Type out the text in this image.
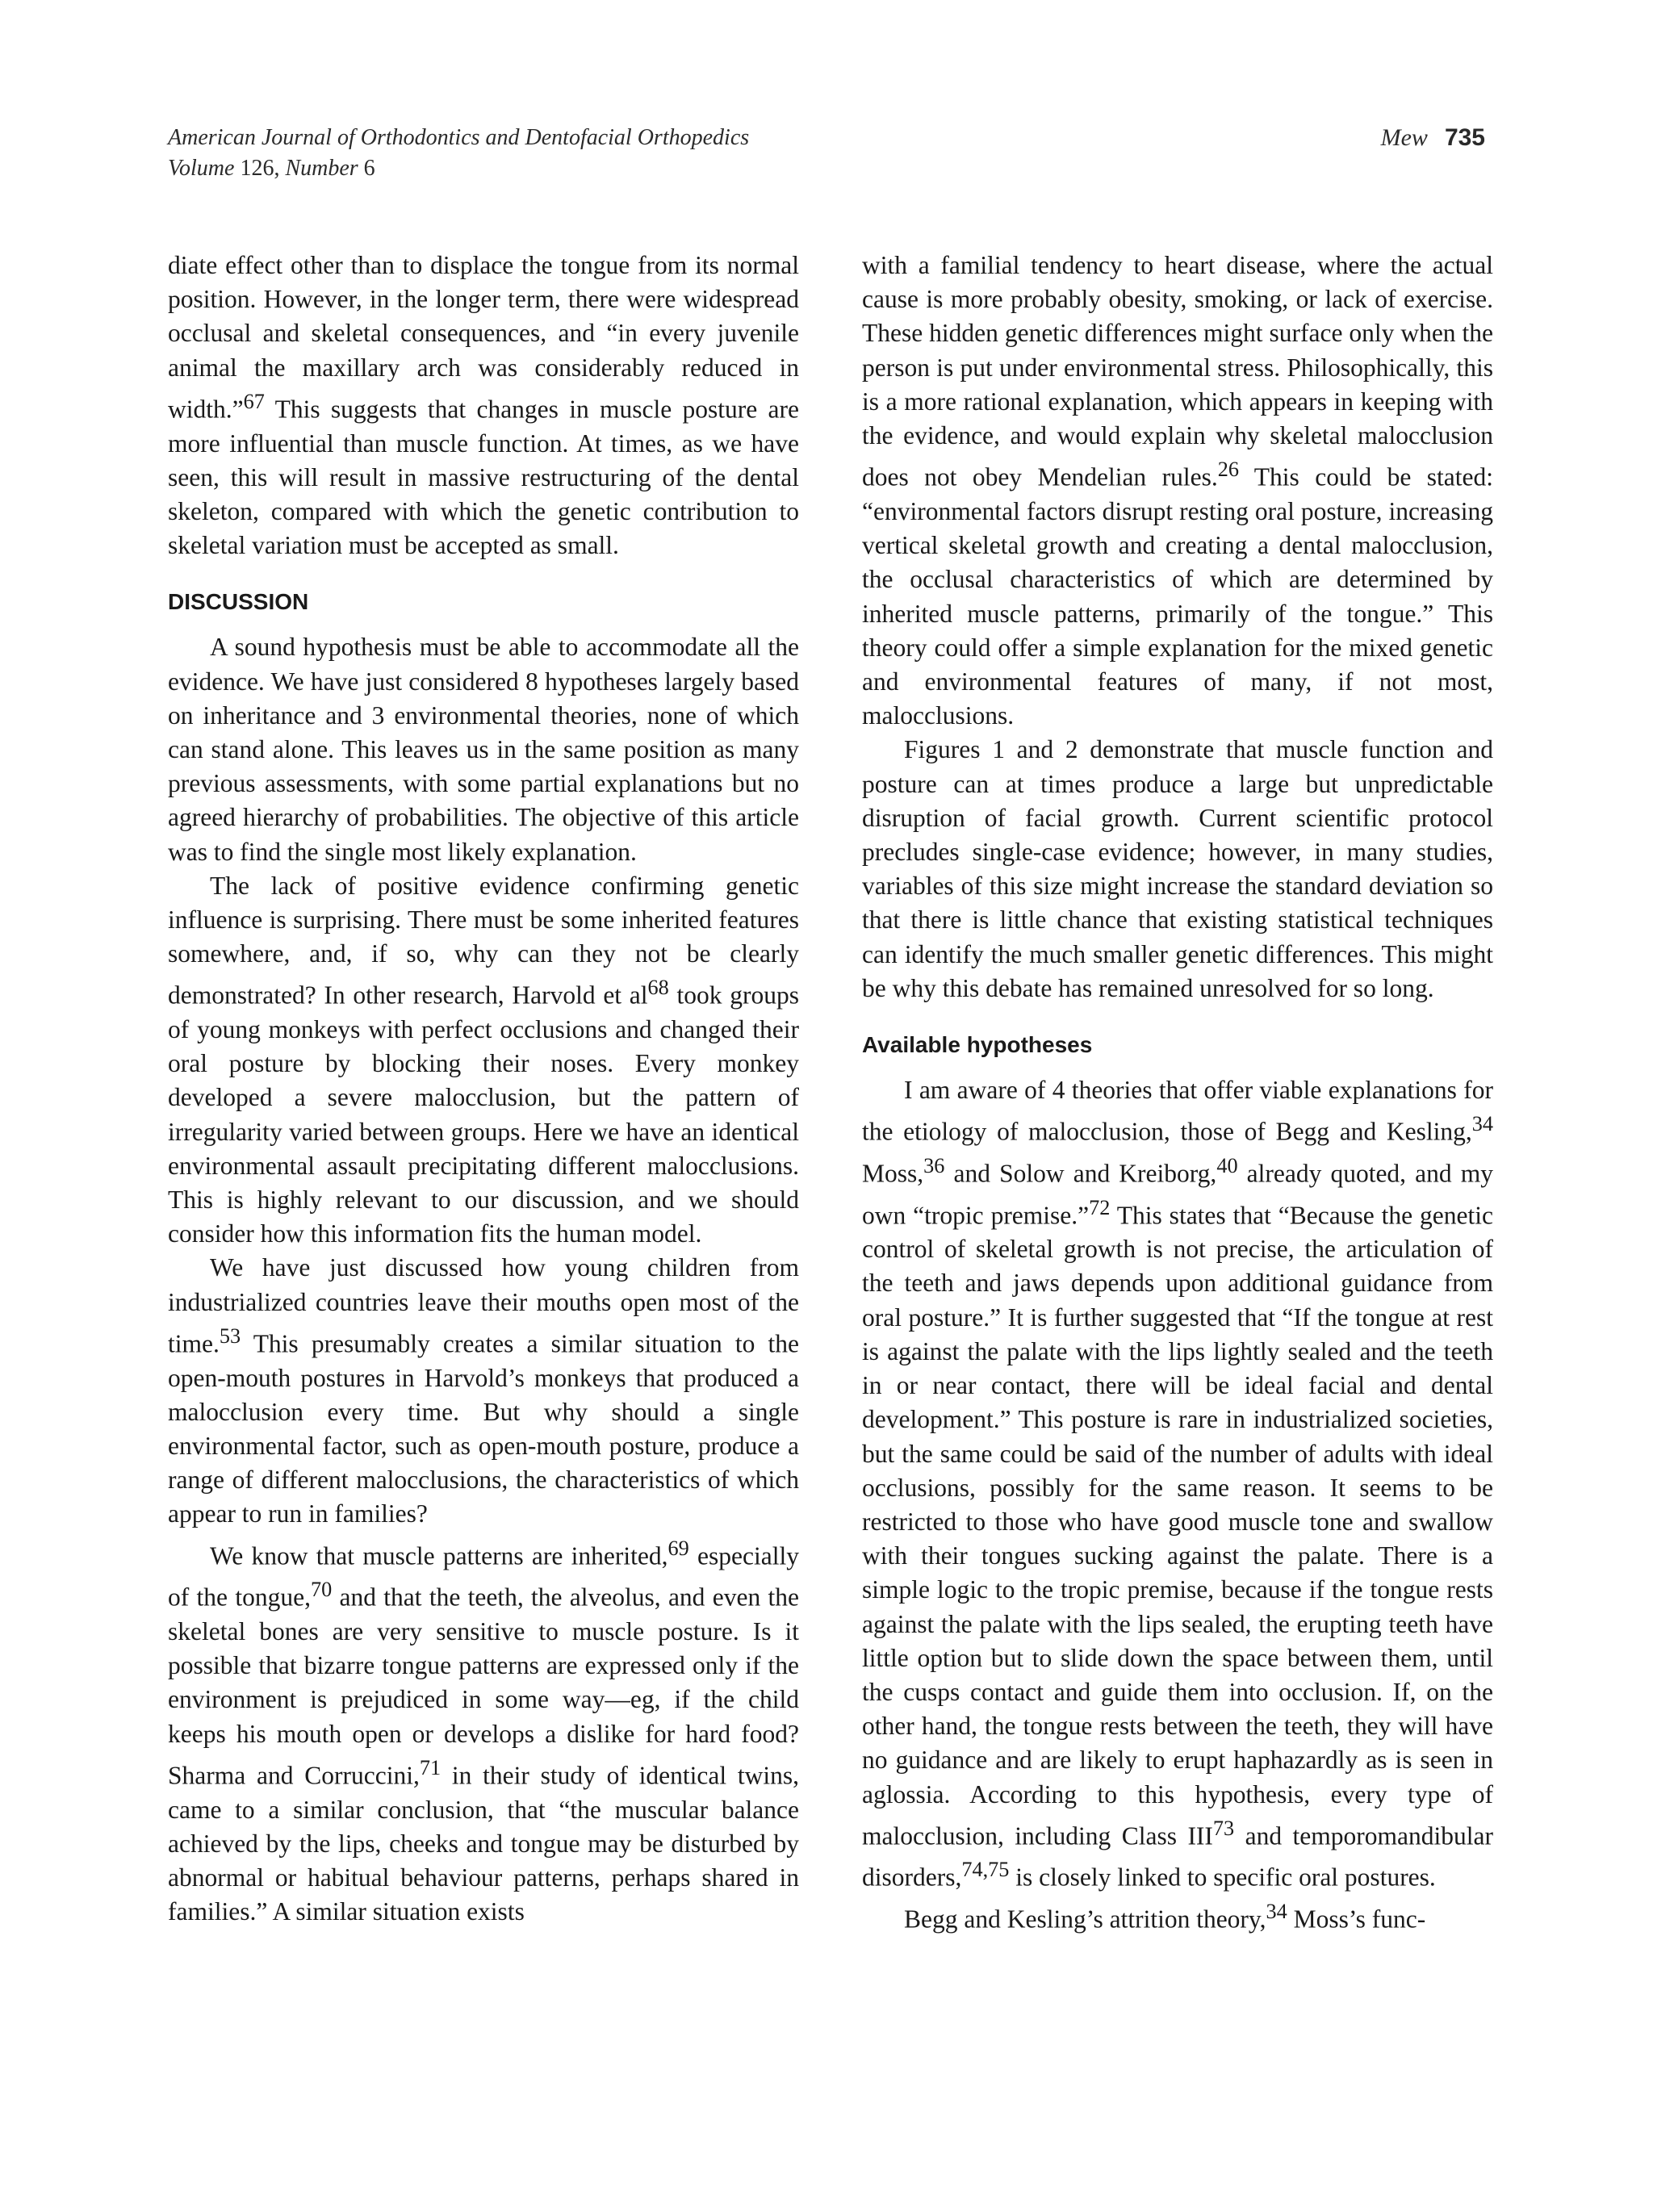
American Journal of Orthodontics and Dentofacial Orthopedics
Volume 126, Number 6
Mew 735

diate effect other than to displace the tongue from its normal position. However, in the longer term, there were widespread occlusal and skeletal consequences, and “in every juvenile animal the maxillary arch was considerably reduced in width.”$^{67}$ This suggests that changes in muscle posture are more influential than muscle function. At times, as we have seen, this will result in massive restructuring of the dental skeleton, compared with which the genetic contribution to skeletal variation must be accepted as small.

DISCUSSION

A sound hypothesis must be able to accommodate all the evidence. We have just considered 8 hypotheses largely based on inheritance and 3 environmental theories, none of which can stand alone. This leaves us in the same position as many previous assessments, with some partial explanations but no agreed hierarchy of probabilities. The objective of this article was to find the single most likely explanation.

The lack of positive evidence confirming genetic influence is surprising. There must be some inherited features somewhere, and, if so, why can they not be clearly demonstrated? In other research, Harvold et $al^{68}$ took groups of young monkeys with perfect occlusions and changed their oral posture by blocking their noses. Every monkey developed a severe malocclusion, but the pattern of irregularity varied between groups. Here we have an identical environmental assault precipitating different malocclusions. This is highly relevant to our discussion, and we should consider how this information fits the human model.

We have just discussed how young children from industrialized countries leave their mouths open most of the time.$^{53}$ This presumably creates a similar situation to the open-mouth postures in Harvold’s monkeys that produced a malocclusion every time. But why should a single environmental factor, such as open-mouth posture, produce a range of different malocclusions, the characteristics of which appear to run in families?

We know that muscle patterns are inherited,$^{69}$ especially of the tongue,$^{70}$ and that the teeth, the alveolus, and even the skeletal bones are very sensitive to muscle posture. Is it possible that bizarre tongue patterns are expressed only if the environment is prejudiced in some way—eg, if the child keeps his mouth open or develops a dislike for hard food? Sharma and Corruccini,$^{71}$ in their study of identical twins, came to a similar conclusion, that “the muscular balance achieved by the lips, cheeks and tongue may be disturbed by abnormal or habitual behaviour patterns, perhaps shared in families.” A similar situation exists

with a familial tendency to heart disease, where the actual cause is more probably obesity, smoking, or lack of exercise. These hidden genetic differences might surface only when the person is put under environmental stress. Philosophically, this is a more rational explanation, which appears in keeping with the evidence, and would explain why skeletal malocclusion does not obey Mendelian rules.$^{26}$ This could be stated: “environmental factors disrupt resting oral posture, increasing vertical skeletal growth and creating a dental malocclusion, the occlusal characteristics of which are determined by inherited muscle patterns, primarily of the tongue.” This theory could offer a simple explanation for the mixed genetic and environmental features of many, if not most, malocclusions.

Figures 1 and 2 demonstrate that muscle function and posture can at times produce a large but unpredictable disruption of facial growth. Current scientific protocol precludes single-case evidence; however, in many studies, variables of this size might increase the standard deviation so that there is little chance that existing statistical techniques can identify the much smaller genetic differences. This might be why this debate has remained unresolved for so long.

Available hypotheses

I am aware of 4 theories that offer viable explanations for the etiology of malocclusion, those of Begg and Kesling,$^{34}$ Moss,$^{36}$ and Solow and Kreiborg,$^{40}$ already quoted, and my own “tropic premise.”$^{72}$ This states that “Because the genetic control of skeletal growth is not precise, the articulation of the teeth and jaws depends upon additional guidance from oral posture.” It is further suggested that “If the tongue at rest is against the palate with the lips lightly sealed and the teeth in or near contact, there will be ideal facial and dental development.” This posture is rare in industrialized societies, but the same could be said of the number of adults with ideal occlusions, possibly for the same reason. It seems to be restricted to those who have good muscle tone and swallow with their tongues sucking against the palate. There is a simple logic to the tropic premise, because if the tongue rests against the palate with the lips sealed, the erupting teeth have little option but to slide down the space between them, until the cusps contact and guide them into occlusion. If, on the other hand, the tongue rests between the teeth, they will have no guidance and are likely to erupt haphazardly as is seen in aglossia. According to this hypothesis, every type of malocclusion, including Class III$^{73}$ and temporomandibular disorders,$^{74,75}$ is closely linked to specific oral postures.

Begg and Kesling’s attrition theory,$^{34}$ Moss’s func-
